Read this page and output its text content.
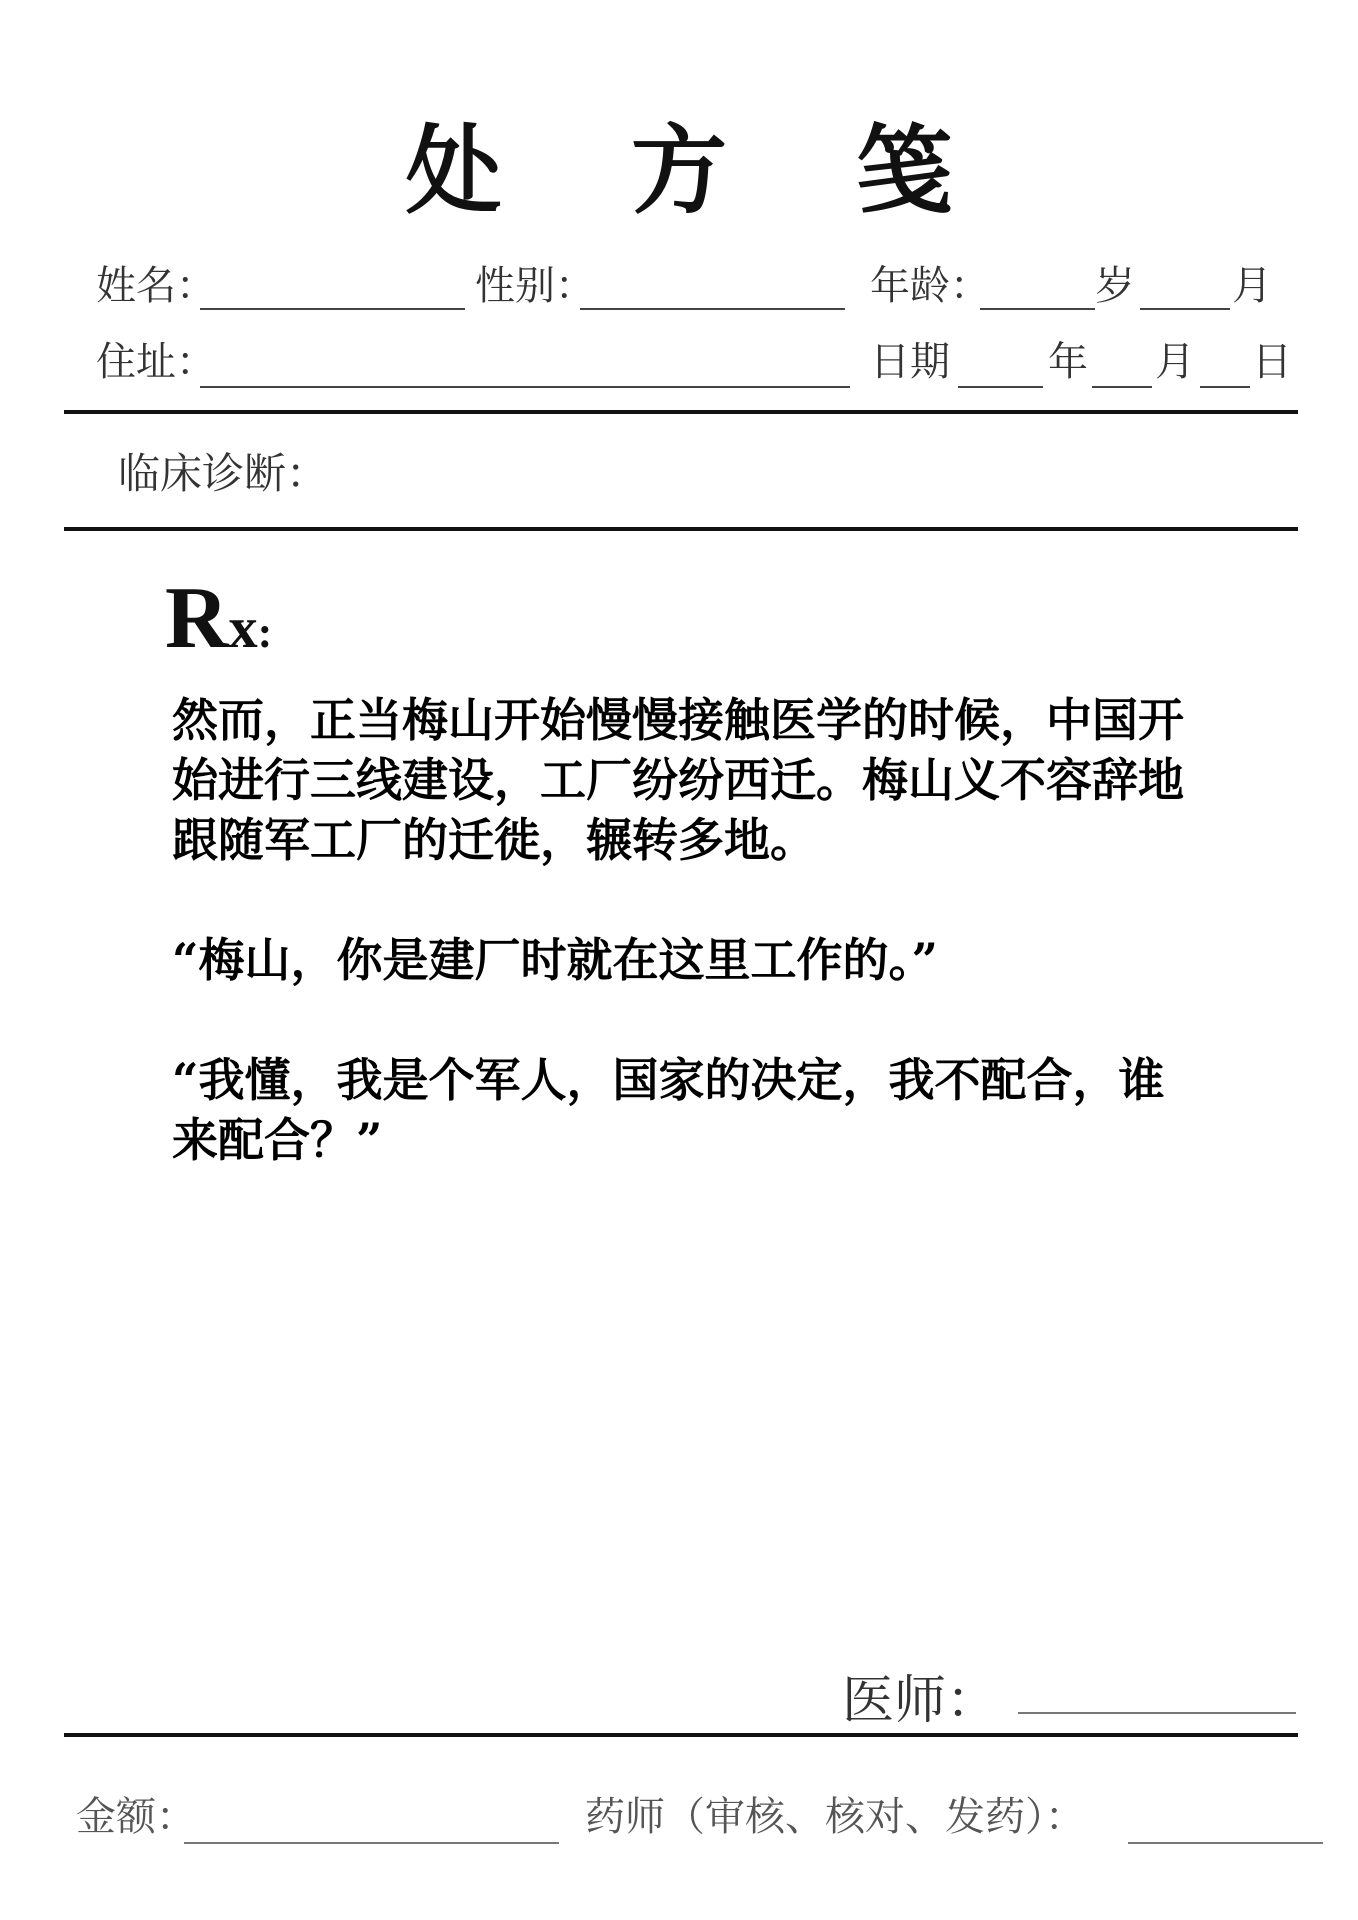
处 方 笺
姓名：	性别：	年龄：	岁 月
住址：	日期 年 月 日
临床诊断：
Rx:

然而，正当梅山开始慢慢接触医学的时候，中国开始进行三线建设，工厂纷纷西迁。梅山义不容辞地跟随军工厂的迁徙，辗转多地。

“梅山，你是建厂时就在这里工作的。”

“我懂，我是个军人，国家的决定，我不配合，谁来配合？”

医师：
金额：	药师（审核、核对、发药）：
